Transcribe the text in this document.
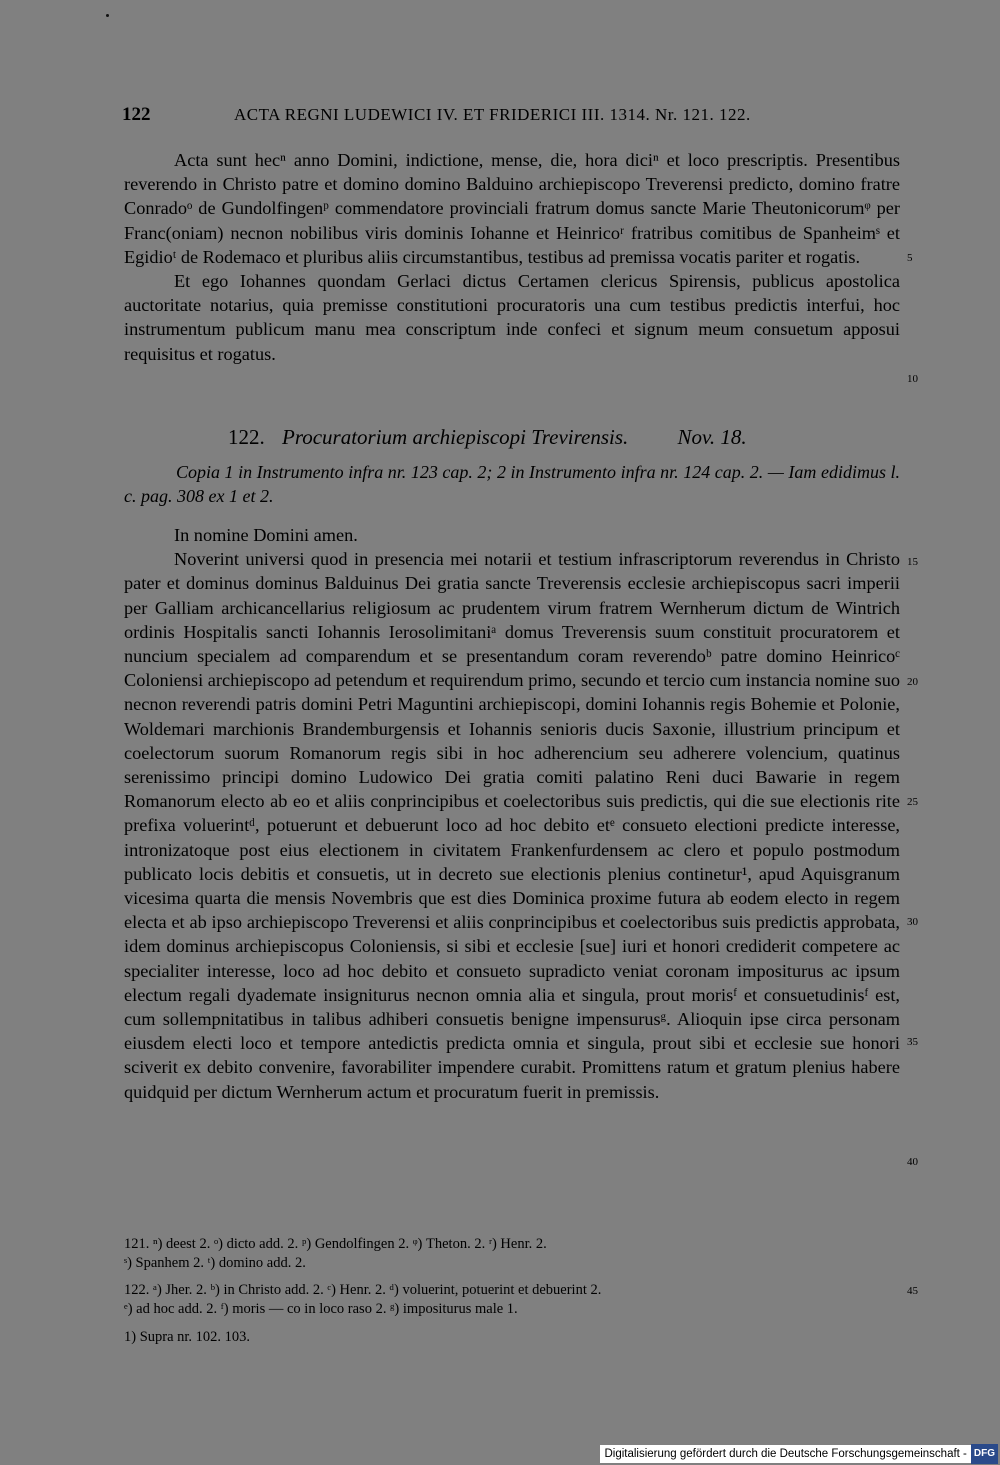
122	ACTA REGNI LUDEWICI IV. ET FRIDERICI III. 1314. Nr. 121. 122.

Acta sunt hecⁿ anno Domini, indictione, mense, die, hora diciⁿ et loco prescriptis. Presentibus reverendo in Christo patre et domino domino Balduino archiepiscopo Treverensi predicto, domino fratre Conradoᵒ de Gundolfingenᵖ commendatore provinciali fratrum domus sancte Marie Theutonicorumᵠ per Franc(oniam) necnon nobilibus viris dominis Iohanne et Heinricoʳ fratribus comitibus de Spanheimˢ et Egidioᵗ de Rodemaco et pluribus aliis circumstantibus, testibus ad premissa vocatis pariter et rogatis.

Et ego Iohannes quondam Gerlaci dictus Certamen clericus Spirensis, publicus apostolica auctoritate notarius, quia premisse constitutioni procuratoris una cum testibus predictis interfui, hoc instrumentum publicum manu mea conscriptum inde confeci et signum meum consuetum apposui requisitus et rogatus.

122. Procuratorium archiepiscopi Trevirensis. Nov. 18.
Copia 1 in Instrumento infra nr. 123 cap. 2; 2 in Instrumento infra nr. 124 cap. 2. — Iam edidimus l. c. pag. 308 ex 1 et 2.

In nomine Domini amen.

Noverint universi quod in presencia mei notarii et testium infrascriptorum reverendus in Christo pater et dominus dominus Balduinus Dei gratia sancte Treverensis ecclesie archiepiscopus sacri imperii per Galliam archicancellarius religiosum ac prudentem virum fratrem Wernherum dictum de Wintrich ordinis Hospitalis sancti Iohannis Ierosolimitaniᵃ domus Treverensis suum constituit procuratorem et nuncium specialem ad comparendum et se presentandum coram reverendoᵇ patre domino Heinricoᶜ Coloniensi archiepiscopo ad petendum et requirendum primo, secundo et tercio cum instancia nomine suo necnon reverendi patris domini Petri Maguntini archiepiscopi, domini Iohannis regis Bohemie et Polonie, Woldemari marchionis Brandemburgensis et Iohannis senioris ducis Saxonie, illustrium principum et coelectorum suorum Romanorum regis sibi in hoc adherencium seu adherere volencium, quatinus serenissimo principi domino Ludowico Dei gratia comiti palatino Reni duci Bawarie in regem Romanorum electo ab eo et aliis conprincipibus et coelectoribus suis predictis, qui die sue electionis rite prefixa voluerintᵈ, potuerunt et debuerunt loco ad hoc debito etᵉ consueto electioni predicte interesse, intronizatoque post eius electionem in civitatem Frankenfurdensem ac clero et populo postmodum publicato locis debitis et consuetis, ut in decreto sue electionis plenius continetur¹, apud Aquisgranum vicesima quarta die mensis Novembris que est dies Dominica proxime futura ab eodem electo in regem electa et ab ipso archiepiscopo Treverensi et aliis conprincipibus et coelectoribus suis predictis approbata, idem dominus archiepiscopus Coloniensis, si sibi et ecclesie [sue] iuri et honori crediderit competere ac specialiter interesse, loco ad hoc debito et consueto supradicto veniat coronam impositurus ac ipsum electum regali dyademate insigniturus necnon omnia alia et singula, prout morisᶠ et consuetudinisᶠ est, cum sollempnitatibus in talibus adhiberi consuetis benigne impensurusᵍ. Alioquin ipse circa personam eiusdem electi loco et tempore antedictis predicta omnia et singula, prout sibi et ecclesie sue honori sciverit ex debito convenire, favorabiliter impendere curabit. Promittens ratum et gratum plenius habere quidquid per dictum Wernherum actum et procuratum fuerit in premissis.

5
10
15
20
25
30
35
40
45
121. ⁿ) deest 2. ᵒ) dicto add. 2. ᵖ) Gendolfingen 2. ᵠ) Theton. 2. ʳ) Henr. 2.
ˢ) Spanhem 2. ᵗ) domino add. 2.
122. ᵃ) Jher. 2. ᵇ) in Christo add. 2. ᶜ) Henr. 2. ᵈ) voluerint, potuerint et debuerint 2.
ᵉ) ad hoc add. 2. ᶠ) moris — co in loco raso 2. ᵍ) impositurus male 1.
1) Supra nr. 102. 103.
Digitalisierung gefördert durch die Deutsche Forschungsgemeinschaft - DFG
